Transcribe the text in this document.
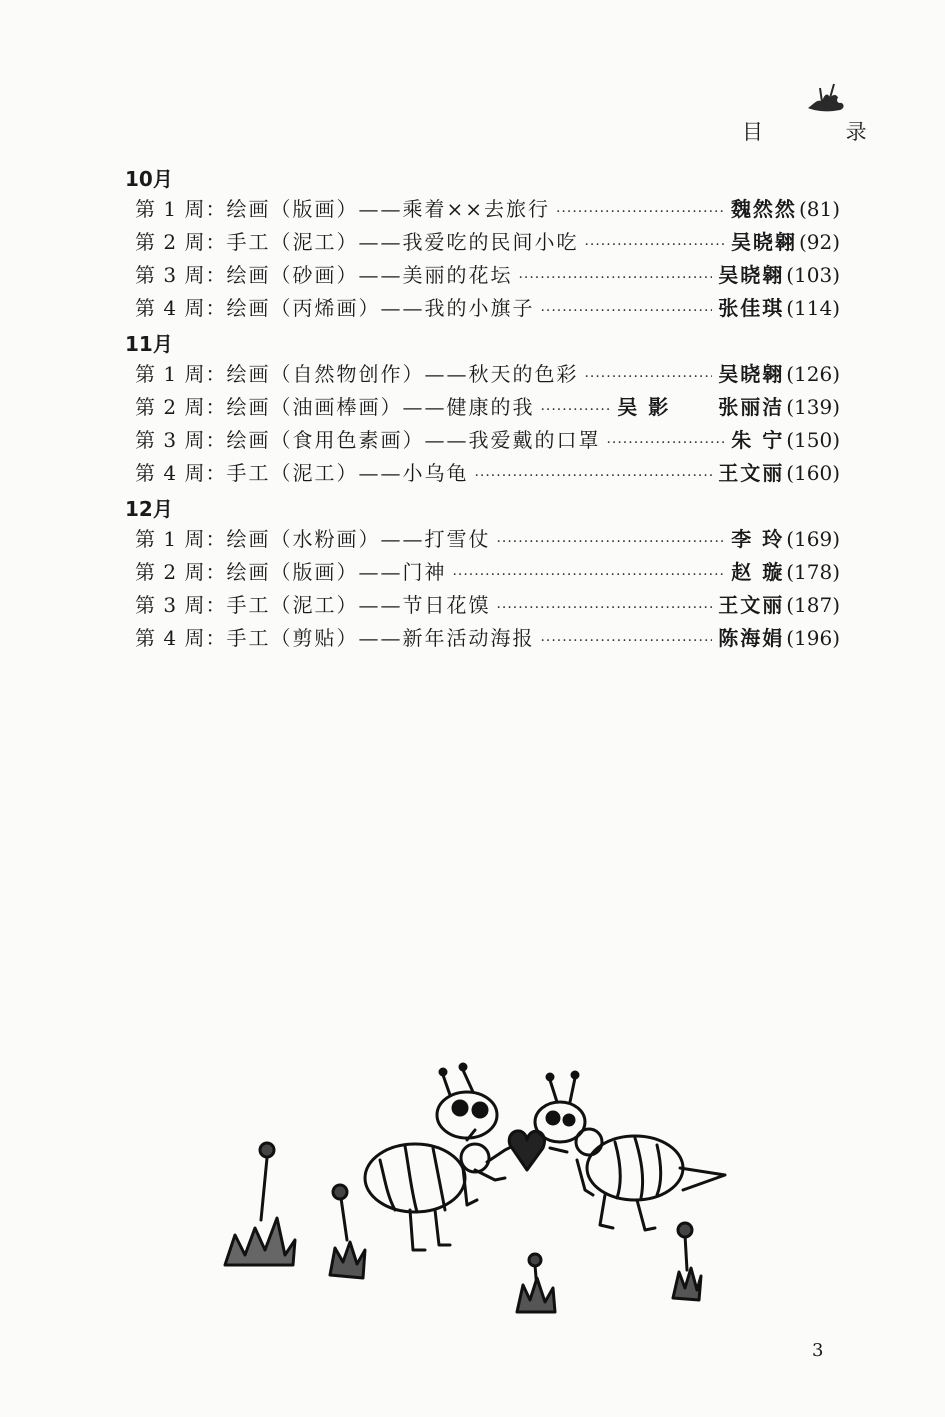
目 录
10月
第 1 周： 绘画（版画）——乘着××去旅行 ·····	魏然然 (81)
第 2 周： 手工（泥工）——我爱吃的民间小吃 ·····	吴晓翱 (92)
第 3 周： 绘画（砂画）——美丽的花坛 ·····	吴晓翱 (103)
第 4 周： 绘画（丙烯画）——我的小旗子 ·····	张佳琪 (114)
11月
第 1 周： 绘画（自然物创作）——秋天的色彩 ·····	吴晓翱 (126)
第 2 周： 绘画（油画棒画）——健康的我 ·····	吴 影 张丽洁 (139)
第 3 周： 绘画（食用色素画）——我爱戴的口罩 ·····	朱 宁 (150)
第 4 周： 手工（泥工）——小乌龟 ·····	王文丽 (160)
12月
第 1 周： 绘画（水粉画）——打雪仗 ·····	李 玲 (169)
第 2 周： 绘画（版画）——门神 ·····	赵 璇 (178)
第 3 周： 手工（泥工）——节日花馍 ·····	王文丽 (187)
第 4 周： 手工（剪贴）——新年活动海报 ·····	陈海娟 (196)
3
